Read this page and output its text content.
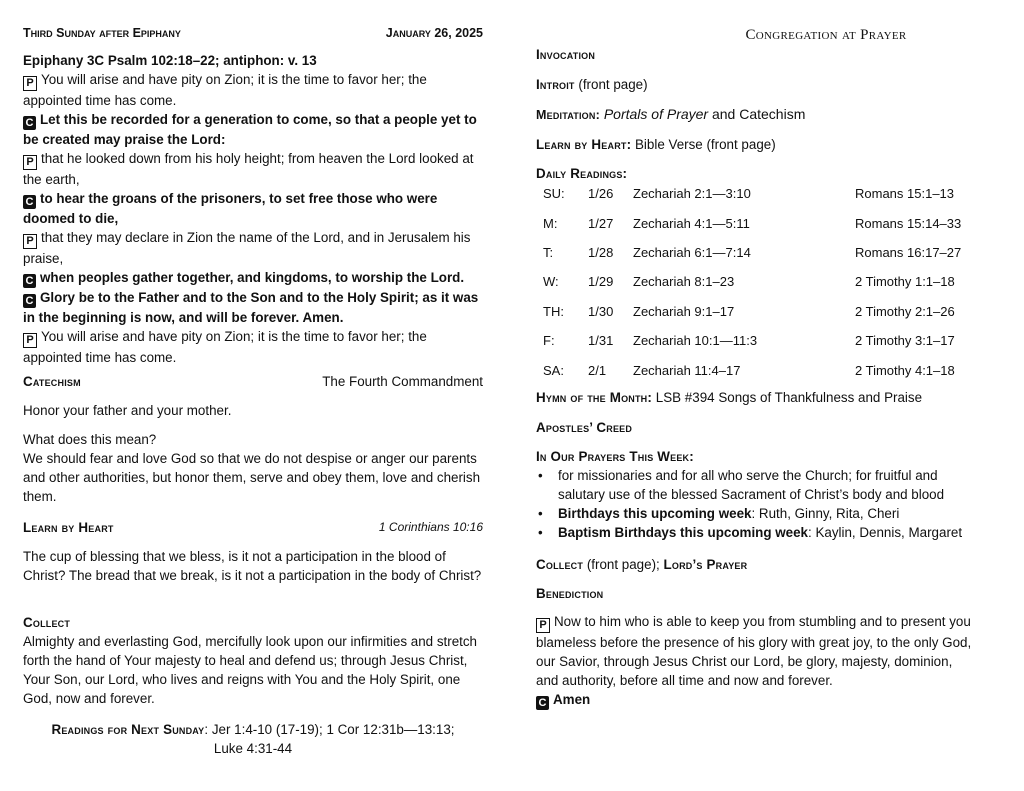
Third Sunday after Epiphany	January 26, 2025
Epiphany 3C Psalm 102:18–22; antiphon: v. 13
P You will arise and have pity on Zion; it is the time to favor her; the appointed time has come.
C Let this be recorded for a generation to come, so that a people yet to be created may praise the Lord:
P that he looked down from his holy height; from heaven the Lord looked at the earth,
C to hear the groans of the prisoners, to set free those who were doomed to die,
P that they may declare in Zion the name of the Lord, and in Jerusalem his praise,
C when peoples gather together, and kingdoms, to worship the Lord.
C Glory be to the Father and to the Son and to the Holy Spirit; as it was in the beginning is now, and will be forever. Amen.
P You will arise and have pity on Zion; it is the time to favor her; the appointed time has come.
Catechism	The Fourth Commandment
Honor your father and your mother.
What does this mean?
We should fear and love God so that we do not despise or anger our parents and other authorities, but honor them, serve and obey them, love and cherish them.
Learn by Heart	1 Corinthians 10:16
The cup of blessing that we bless, is it not a participation in the blood of Christ? The bread that we break, is it not a participation in the body of Christ?
Collect
Almighty and everlasting God, mercifully look upon our infirmities and stretch forth the hand of Your majesty to heal and defend us; through Jesus Christ, Your Son, our Lord, who lives and reigns with You and the Holy Spirit, one God, now and forever.
Readings for Next Sunday: Jer 1:4-10 (17-19); 1 Cor 12:31b—13:13;
Luke 4:31-44
Congregation at Prayer
Invocation
Introit (front page)
Meditation: Portals of Prayer and Catechism
Learn by Heart: Bible Verse (front page)
Daily Readings:
SU:	1/26	Zechariah 2:1—3:10	Romans 15:1–13
M:	1/27	Zechariah 4:1—5:11	Romans 15:14–33
T:	1/28	Zechariah 6:1—7:14	Romans 16:17–27
W:	1/29	Zechariah 8:1–23	2 Timothy 1:1–18
TH:	1/30	Zechariah 9:1–17	2 Timothy 2:1–26
F:	1/31	Zechariah 10:1—11:3	2 Timothy 3:1–17
SA:	2/1	Zechariah 11:4–17	2 Timothy 4:1–18
Hymn of the Month: LSB #394 Songs of Thankfulness and Praise
Apostles’ Creed
In Our Prayers This Week:
• for missionaries and for all who serve the Church; for fruitful and salutary use of the blessed Sacrament of Christ’s body and blood
• Birthdays this upcoming week: Ruth, Ginny, Rita, Cheri
• Baptism Birthdays this upcoming week: Kaylin, Dennis, Margaret
Collect (front page); Lord’s Prayer
Benediction
P Now to him who is able to keep you from stumbling and to present you blameless before the presence of his glory with great joy, to the only God, our Savior, through Jesus Christ our Lord, be glory, majesty, dominion, and authority, before all time and now and forever.
C Amen
